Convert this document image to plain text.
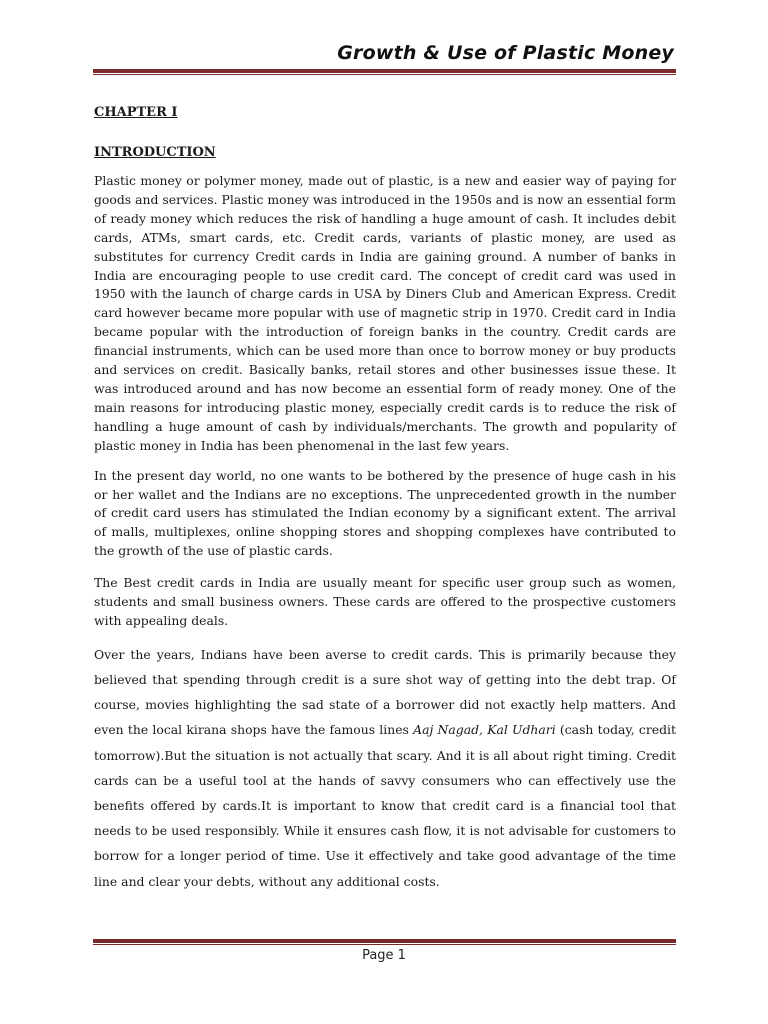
Growth & Use of Plastic Money

CHAPTER I

INTRODUCTION

Plastic money or polymer money, made out of plastic, is a new and easier way of paying for goods and services. Plastic money was introduced in the 1950s and is now an essential form of ready money which reduces the risk of handling a huge amount of cash. It includes debit cards, ATMs, smart cards, etc. Credit cards, variants of plastic money, are used as substitutes for currency Credit cards in India are gaining ground. A number of banks in India are encouraging people to use credit card. The concept of credit card was used in 1950 with the launch of charge cards in USA by Diners Club and American Express. Credit card however became more popular with use of magnetic strip in 1970. Credit card in India became popular with the introduction of foreign banks in the country. Credit cards are financial instruments, which can be used more than once to borrow money or buy products and services on credit. Basically banks, retail stores and other businesses issue these. It was introduced around and has now become an essential form of ready money. One of the main reasons for introducing plastic money, especially credit cards is to reduce the risk of handling a huge amount of cash by individuals/merchants. The growth and popularity of plastic money in India has been phenomenal in the last few years.

In the present day world, no one wants to be bothered by the presence of huge cash in his or her wallet and the Indians are no exceptions. The unprecedented growth in the number of credit card users has stimulated the Indian economy by a significant extent. The arrival of malls, multiplexes, online shopping stores and shopping complexes have contributed to the growth of the use of plastic cards.

The Best credit cards in India are usually meant for specific user group such as women, students and small business owners. These cards are offered to the prospective customers with appealing deals.

Over the years, Indians have been averse to credit cards. This is primarily because they believed that spending through credit is a sure shot way of getting into the debt trap. Of course, movies highlighting the sad state of a borrower did not exactly help matters. And even the local kirana shops have the famous lines Aaj Nagad, Kal Udhari (cash today, credit tomorrow).But the situation is not actually that scary. And it is all about right timing. Credit cards can be a useful tool at the hands of savvy consumers who can effectively use the benefits offered by cards.It is important to know that credit card is a financial tool that needs to be used responsibly. While it ensures cash flow, it is not advisable for customers to borrow for a longer period of time. Use it effectively and take good advantage of the time line and clear your debts, without any additional costs.

Page 1
